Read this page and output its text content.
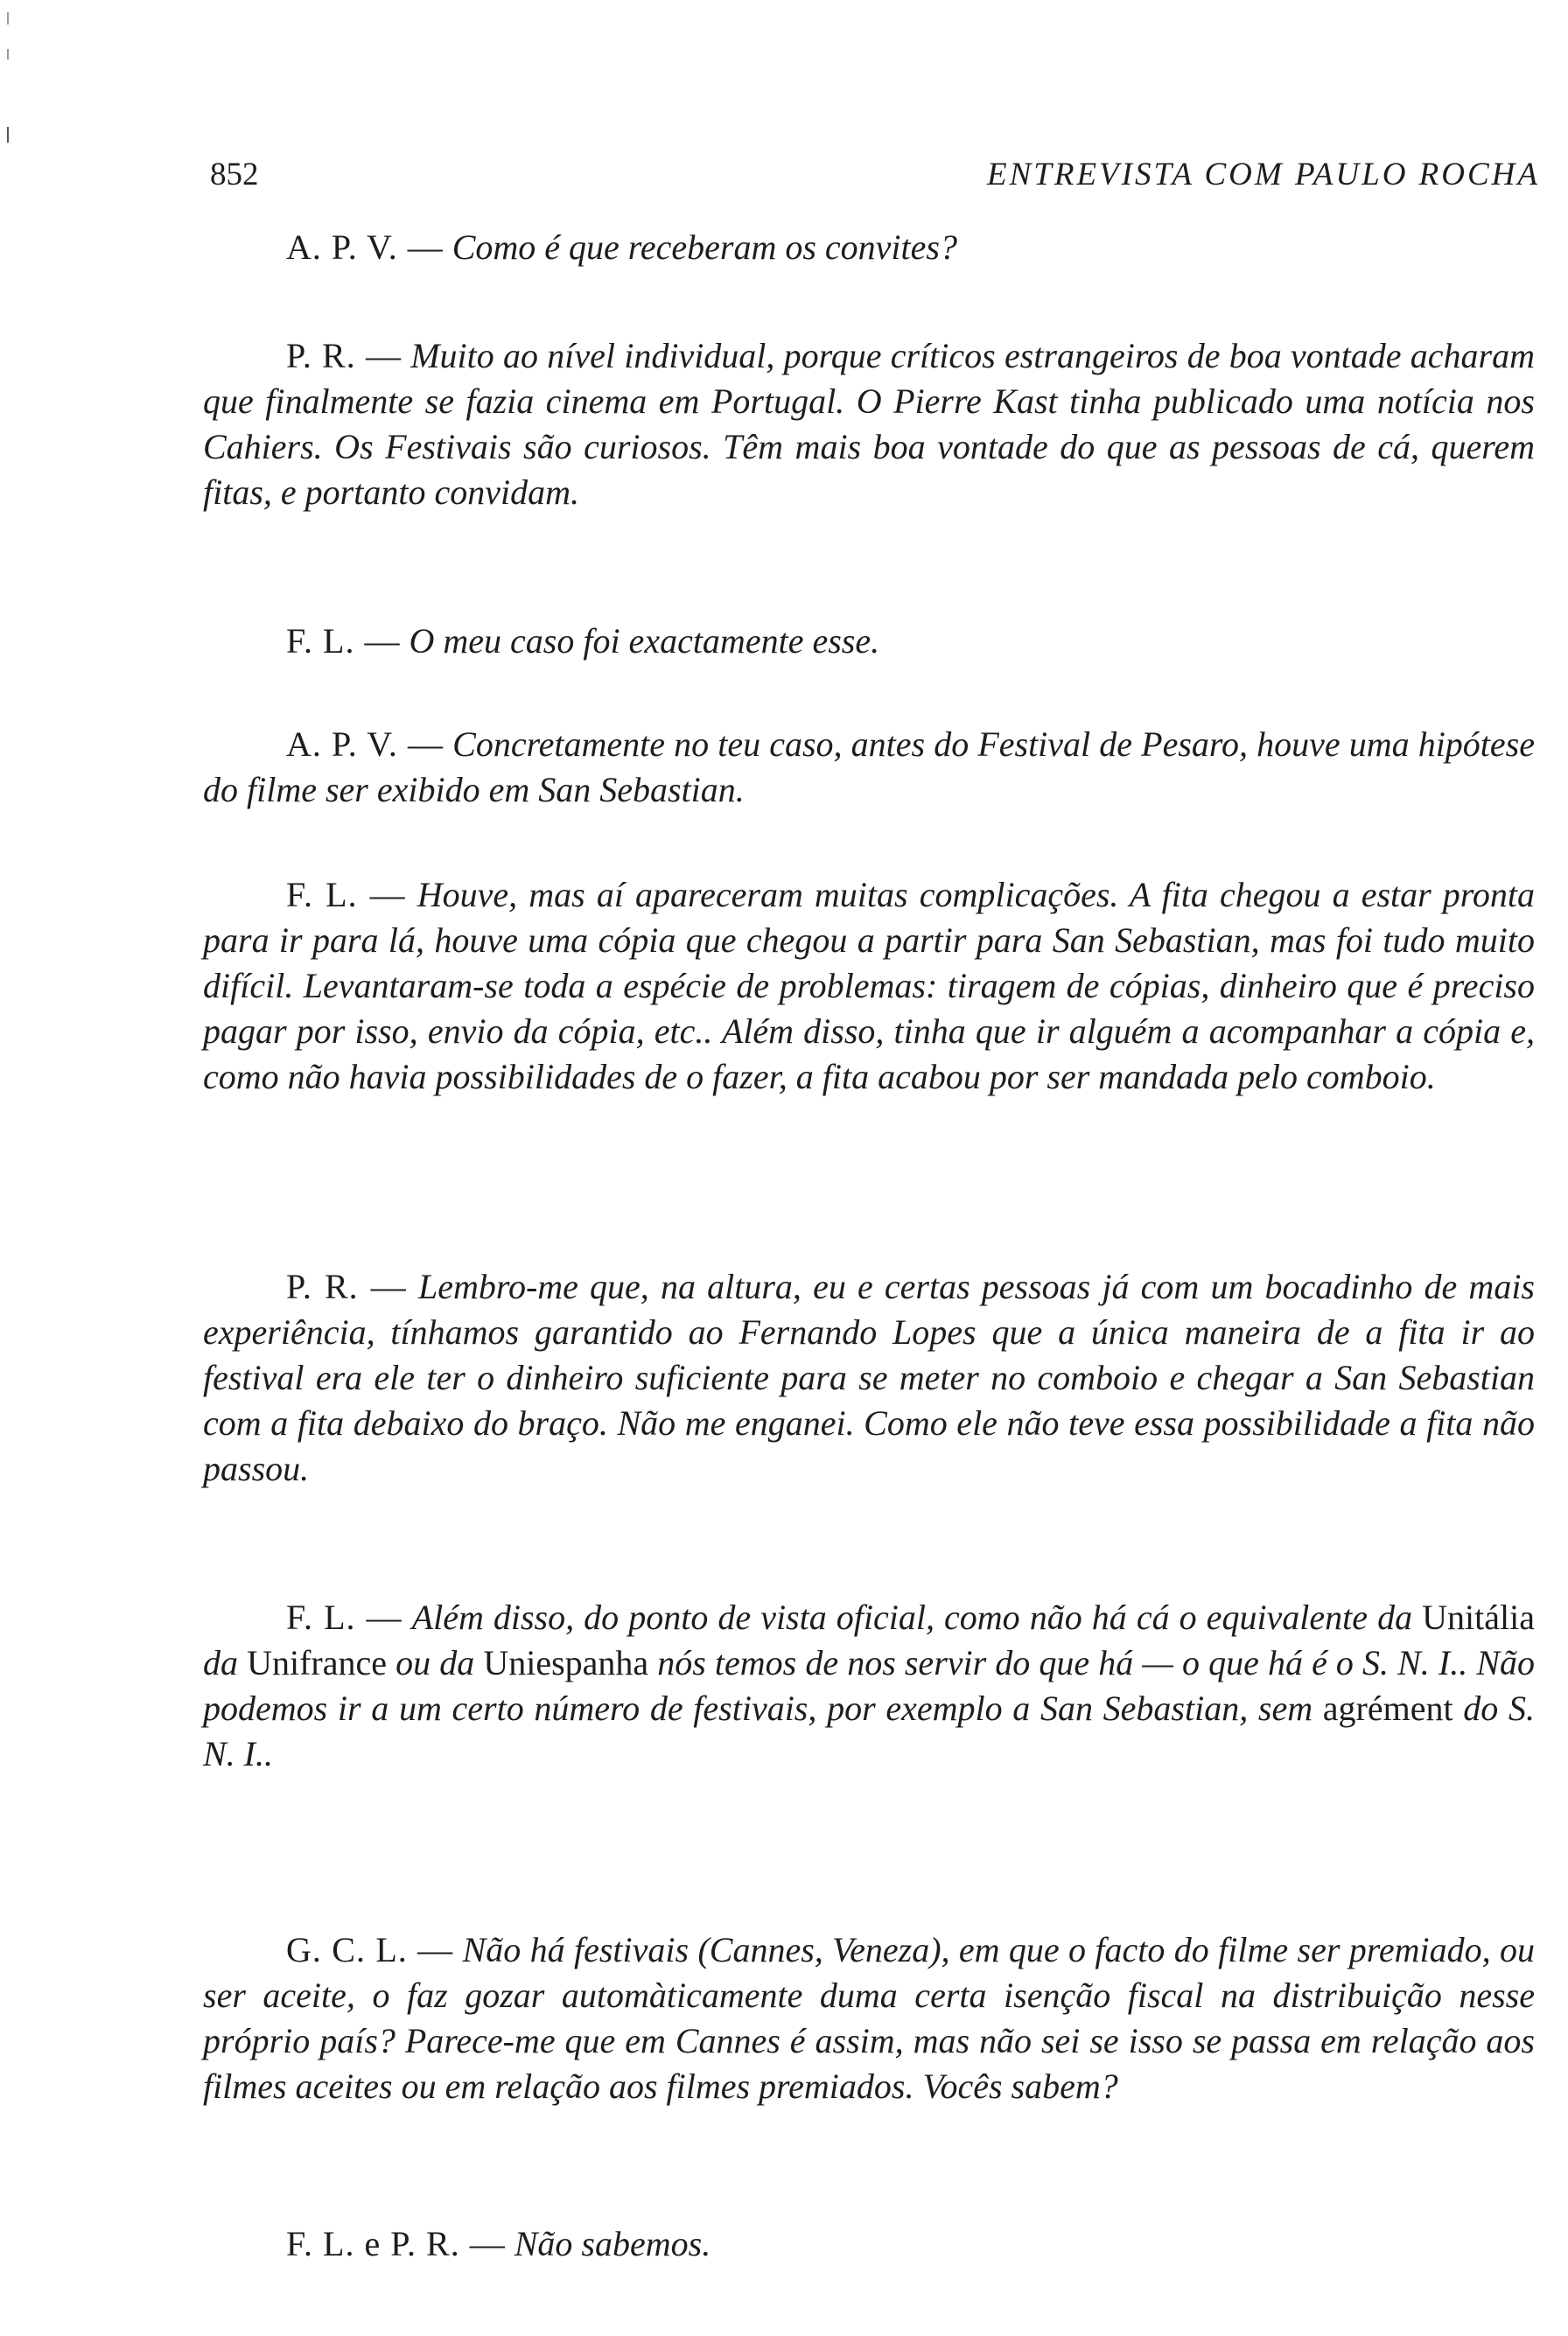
852	ENTREVISTA COM PAULO ROCHA

A. P. V. — Como é que receberam os convites?

P. R. — Muito ao nível individual, porque críticos estrangeiros de boa vontade acharam que finalmente se fazia cinema em Portugal. O Pierre Kast tinha publicado uma notícia nos Cahiers. Os Festivais são curiosos. Têm mais boa vontade do que as pessoas de cá, querem fitas, e portanto convidam.

F. L. — O meu caso foi exactamente esse.

A. P. V. — Concretamente no teu caso, antes do Festival de Pesaro, houve uma hipótese do filme ser exibido em San Sebastian.

F. L. — Houve, mas aí apareceram muitas complicações. A fita chegou a estar pronta para ir para lá, houve uma cópia que chegou a partir para San Sebastian, mas foi tudo muito difícil. Levantaram-se toda a espécie de problemas: tiragem de cópias, dinheiro que é preciso pagar por isso, envio da cópia, etc.. Além disso, tinha que ir alguém a acompanhar a cópia e, como não havia possibilidades de o fazer, a fita acabou por ser mandada pelo comboio.

P. R. — Lembro-me que, na altura, eu e certas pessoas já com um bocadinho de mais experiência, tínhamos garantido ao Fernando Lopes que a única maneira de a fita ir ao festival era ele ter o dinheiro suficiente para se meter no comboio e chegar a San Sebastian com a fita debaixo do braço. Não me enganei. Como ele não teve essa possibilidade a fita não passou.

F. L. — Além disso, do ponto de vista oficial, como não há cá o equivalente da Unitália da Unifrance ou da Uniespanha nós temos de nos servir do que há — o que há é o S. N. I.. Não podemos ir a um certo número de festivais, por exemplo a San Sebastian, sem agrément do S. N. I..

G. C. L. — Não há festivais (Cannes, Veneza), em que o facto do filme ser premiado, ou ser aceite, o faz gozar automàticamente duma certa isenção fiscal na distribuição nesse próprio país? Parece-me que em Cannes é assim, mas não sei se isso se passa em relação aos filmes aceites ou em relação aos filmes premiados. Vocês sabem?

F. L. e P. R. — Não sabemos.
